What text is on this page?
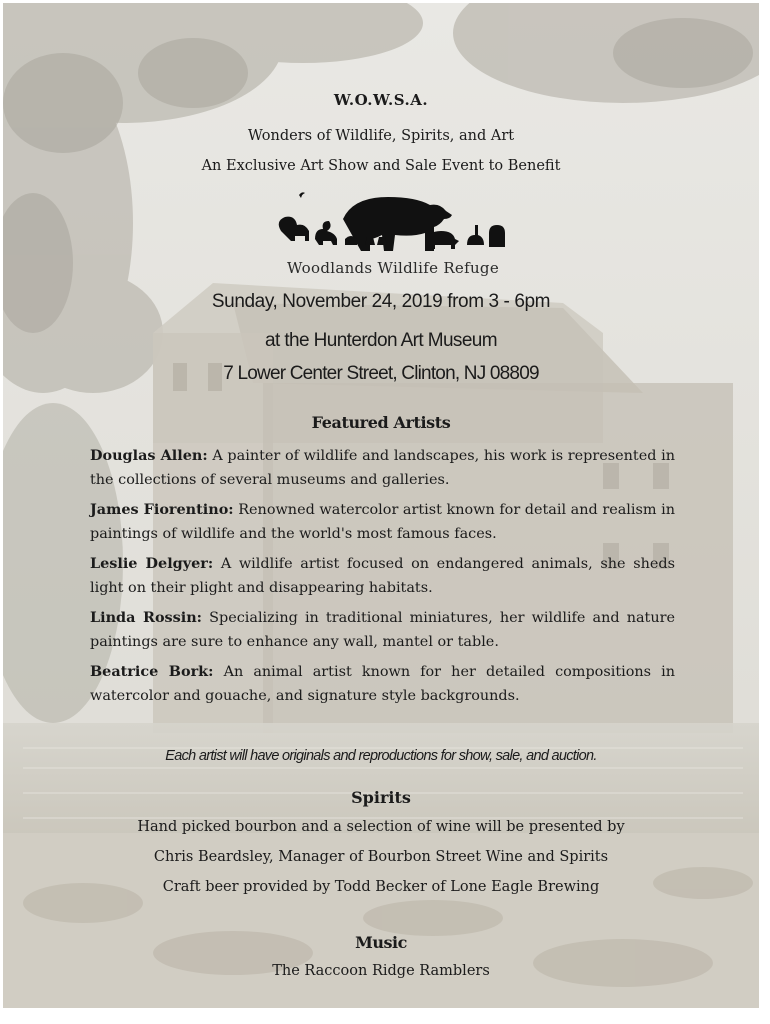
W.O.W.S.A.
Wonders of Wildlife, Spirits, and Art
An Exclusive Art Show and Sale Event to Benefit
Woodlands Wildlife Refuge
Sunday, November 24, 2019 from 3 - 6pm
at the Hunterdon Art Museum
7 Lower Center Street, Clinton, NJ 08809
Featured Artists

Douglas Allen: A painter of wildlife and landscapes, his work is represented in the collections of several museums and galleries.

James Fiorentino: Renowned watercolor artist known for detail and realism in paintings of wildlife and the world's most famous faces.

Leslie Delgyer: A wildlife artist focused on endangered animals, she sheds light on their plight and disappearing habitats.

Linda Rossin: Specializing in traditional miniatures, her wildlife and nature paintings are sure to enhance any wall, mantel or table.

Beatrice Bork: An animal artist known for her detailed compositions in watercolor and gouache, and signature style backgrounds.

Each artist will have originals and reproductions for show, sale, and auction.
Spirits
Hand picked bourbon and a selection of wine will be presented by
Chris Beardsley, Manager of Bourbon Street Wine and Spirits
Craft beer provided by Todd Becker of Lone Eagle Brewing
Music
The Raccoon Ridge Ramblers
